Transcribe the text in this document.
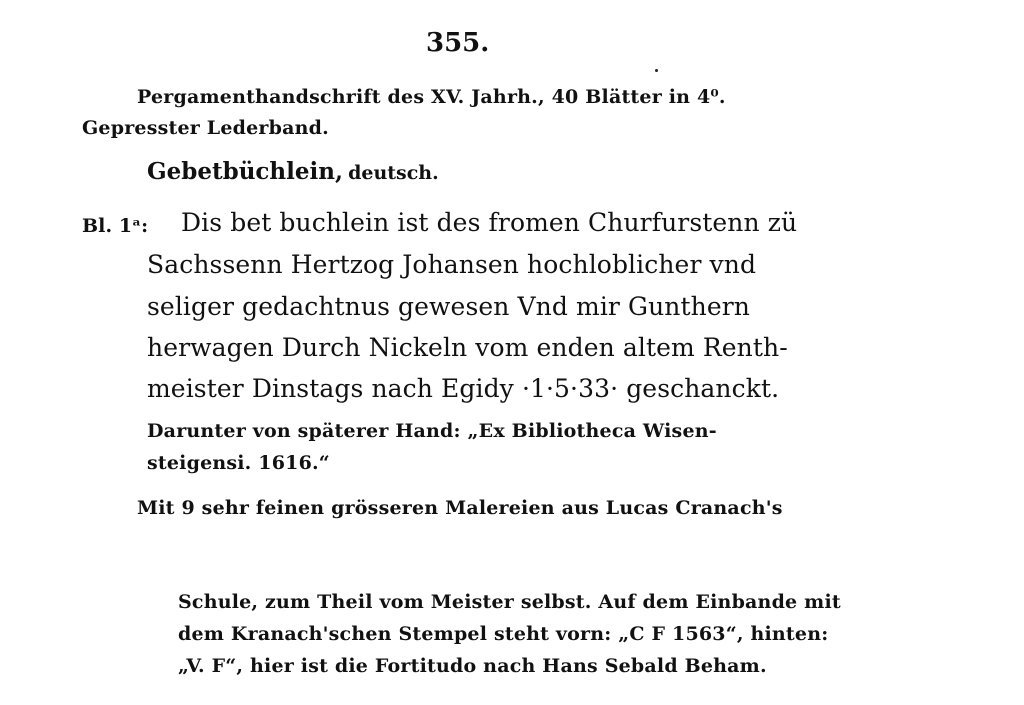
355.
Pergamenthandschrift des XV. Jahrh., 40 Blätter in 4⁰.
Gepresster Lederband.
Gebetbüchlein, deutsch.
Bl. 1ᵃ: Dis bet buchlein ist des fromen Churfurstenn zü
Sachssenn Hertzog Johansen hochloblicher vnd
seliger gedachtnus gewesen Vnd mir Gunthern
herwagen Durch Nickeln vom enden altem Renth-
meister Dinstags nach Egidy ·1·5·33· geschanckt.
Darunter von späterer Hand: „Ex Bibliotheca Wisen-
steigensi. 1616.“
Mit 9 sehr feinen grösseren Malereien aus Lucas Cranach's
Schule, zum Theil vom Meister selbst. Auf dem Einbande mit
dem Kranach'schen Stempel steht vorn: „C F 1563“, hinten:
„V. F“, hier ist die Fortitudo nach Hans Sebald Beham.
